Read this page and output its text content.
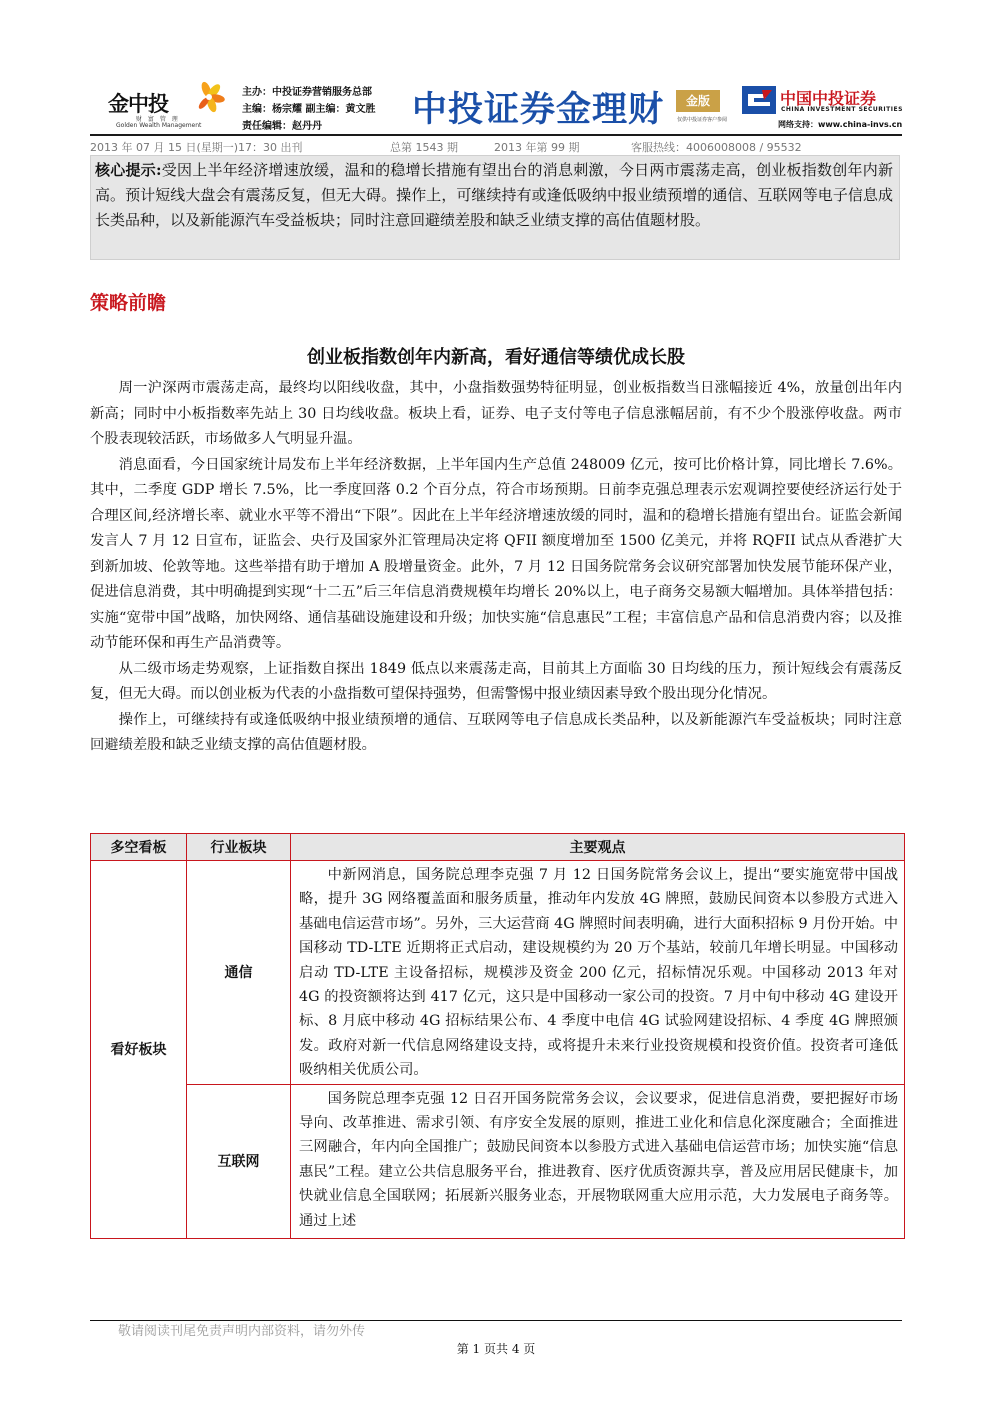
金中投
财 富 管 理
Golden Wealth Management
主办：中投证券营销服务总部
主编：杨宗耀 副主编：黄文胜
责任编辑：赵丹丹	中投证券金理财	金版
仅供中投证券客户参阅
中国中投证券
CHINA INVESTMENT SECURITIES
网络支持：www.china-invs.cn
2013 年 07 月 15 日(星期一)17：30 出刊	总第 1543 期	2013 年第 99 期	客服热线：4006008008 / 95532
核心提示:受因上半年经济增速放缓，温和的稳增长措施有望出台的消息刺激，今日两市震荡走高，创业板指数创年内新高。预计短线大盘会有震荡反复，但无大碍。操作上，可继续持有或逢低吸纳中报业绩预增的通信、互联网等电子信息成长类品种，以及新能源汽车受益板块；同时注意回避绩差股和缺乏业绩支撑的高估值题材股。
策略前瞻
创业板指数创年内新高，看好通信等绩优成长股

周一沪深两市震荡走高，最终均以阳线收盘，其中，小盘指数强势特征明显，创业板指数当日涨幅接近 4%，放量创出年内新高；同时中小板指数率先站上 30 日均线收盘。板块上看，证券、电子支付等电子信息涨幅居前，有不少个股涨停收盘。两市个股表现较活跃，市场做多人气明显升温。

消息面看，今日国家统计局发布上半年经济数据，上半年国内生产总值 248009 亿元，按可比价格计算，同比增长 7.6%。其中，二季度 GDP 增长 7.5%，比一季度回落 0.2 个百分点，符合市场预期。日前李克强总理表示宏观调控要使经济运行处于合理区间,经济增长率、就业水平等不滑出“下限”。因此在上半年经济增速放缓的同时，温和的稳增长措施有望出台。证监会新闻发言人 7 月 12 日宣布，证监会、央行及国家外汇管理局决定将 QFII 额度增加至 1500 亿美元，并将 RQFII 试点从香港扩大到新加坡、伦敦等地。这些举措有助于增加 A 股增量资金。此外，7 月 12 日国务院常务会议研究部署加快发展节能环保产业，促进信息消费，其中明确提到实现“十二五”后三年信息消费规模年均增长 20%以上，电子商务交易额大幅增加。具体举措包括：实施“宽带中国”战略，加快网络、通信基础设施建设和升级；加快实施“信息惠民”工程；丰富信息产品和信息消费内容；以及推动节能环保和再生产品消费等。

从二级市场走势观察，上证指数自探出 1849 低点以来震荡走高，目前其上方面临 30 日均线的压力，预计短线会有震荡反复，但无大碍。而以创业板为代表的小盘指数可望保持强势，但需警惕中报业绩因素导致个股出现分化情况。

操作上，可继续持有或逢低吸纳中报业绩预增的通信、互联网等电子信息成长类品种，以及新能源汽车受益板块；同时注意回避绩差股和缺乏业绩支撑的高估值题材股。

多空看板	行业板块	主要观点
看好板块	通信	中新网消息，国务院总理李克强 7 月 12 日国务院常务会议上，提出“要实施宽带中国战略，提升 3G 网络覆盖面和服务质量，推动年内发放 4G 牌照，鼓励民间资本以参股方式进入基础电信运营市场”。另外，三大运营商 4G 牌照时间表明确，进行大面积招标 9 月份开始。中国移动 TD-LTE 近期将正式启动，建设规模约为 20 万个基站，较前几年增长明显。中国移动启动 TD-LTE 主设备招标，规模涉及资金 200 亿元，招标情况乐观。中国移动 2013 年对 4G 的投资额将达到 417 亿元，这只是中国移动一家公司的投资。7 月中旬中移动 4G 建设开标、8 月底中移动 4G 招标结果公布、4 季度中电信 4G 试验网建设招标、4 季度 4G 牌照颁发。政府对新一代信息网络建设支持，或将提升未来行业投资规模和投资价值。投资者可逢低吸纳相关优质公司。

	互联网	国务院总理李克强 12 日召开国务院常务会议，会议要求，促进信息消费，要把握好市场导向、改革推进、需求引领、有序安全发展的原则，推进工业化和信息化深度融合；全面推进三网融合，年内向全国推广；鼓励民间资本以参股方式进入基础电信运营市场；加快实施“信息惠民”工程。建立公共信息服务平台，推进教育、医疗优质资源共享，普及应用居民健康卡，加快就业信息全国联网；拓展新兴服务业态，开展物联网重大应用示范，大力发展电子商务等。通过上述

敬请阅读刊尾免责声明内部资料，请勿外传
第 1 页共 4 页
